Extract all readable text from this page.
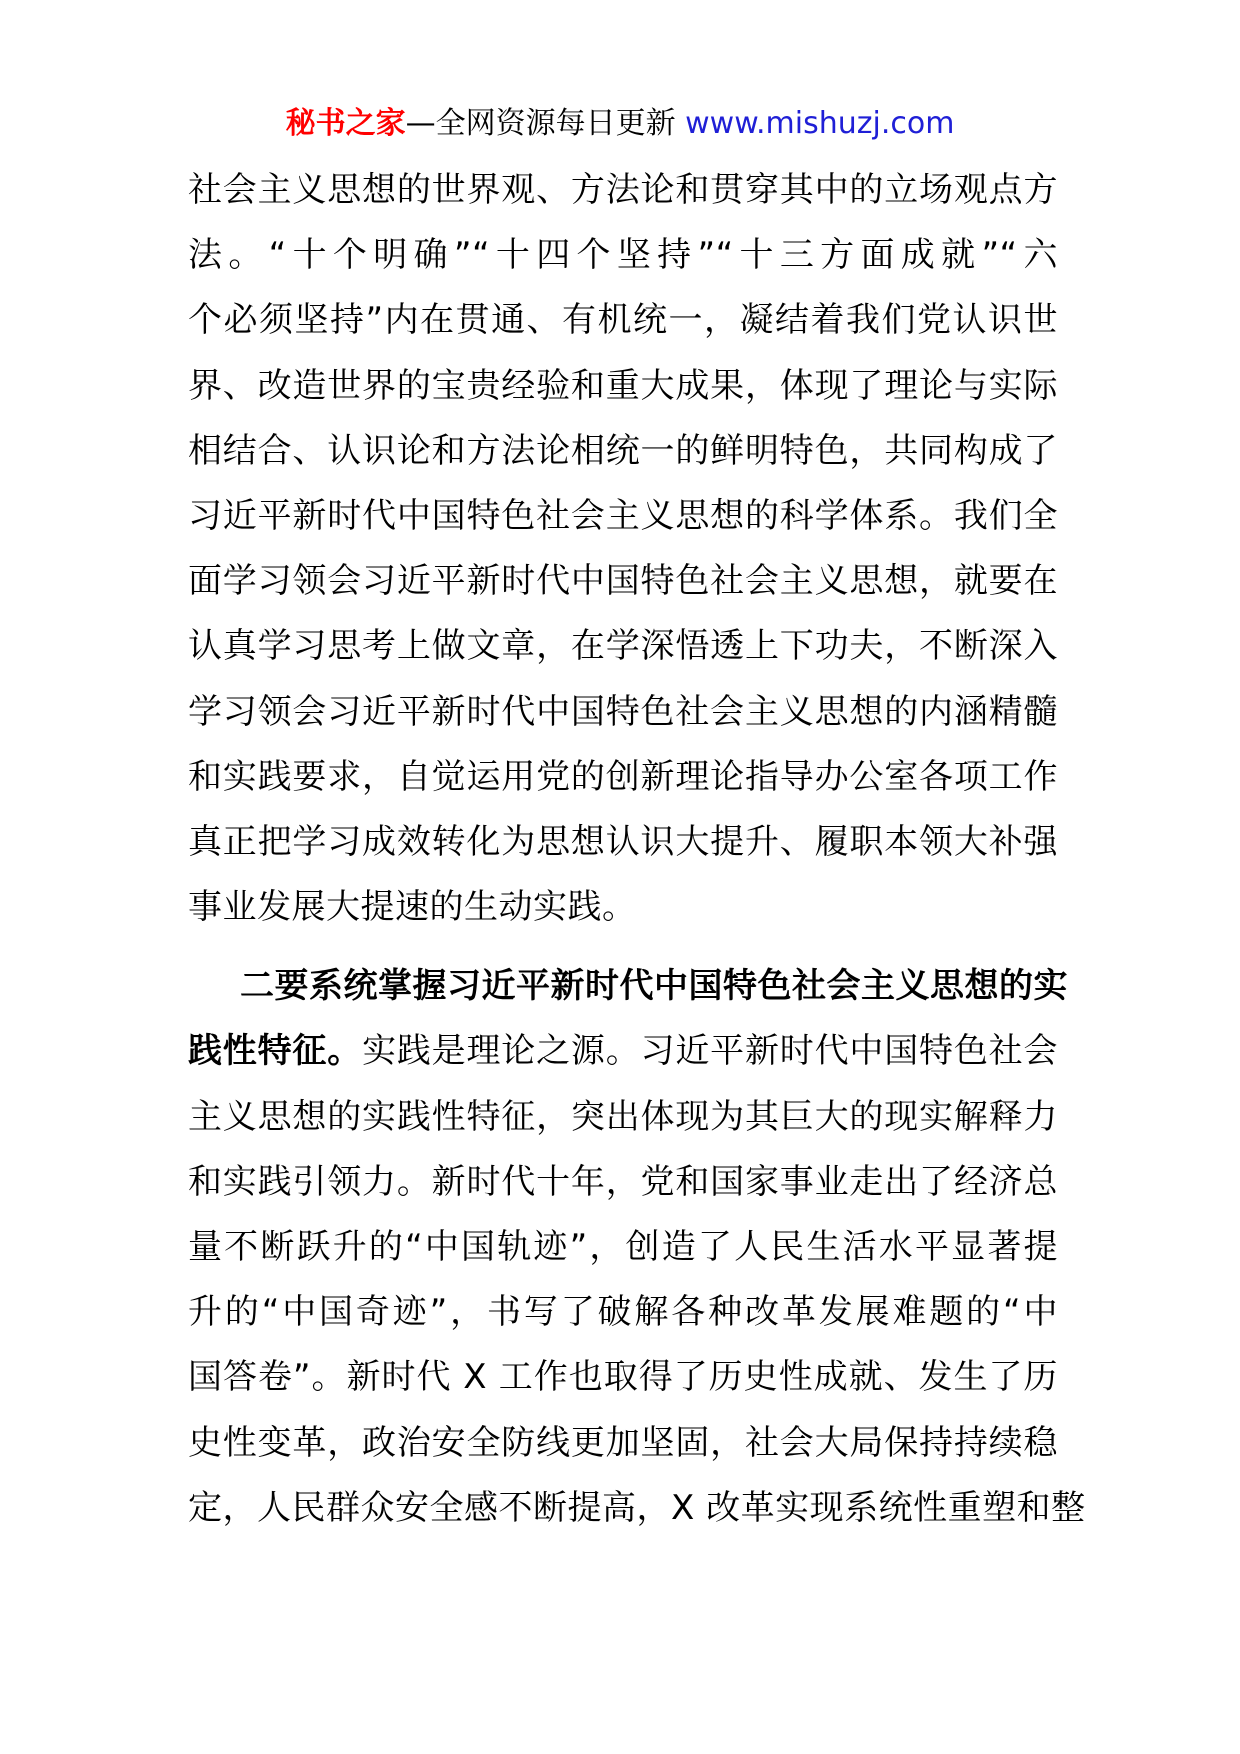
秘书之家—全网资源每日更新 www.mishuzj.com
社会主义思想的世界观、方法论和贯穿其中的立场观点方
法。“十个明确”“十四个坚持”“十三方面成就”“六
个必须坚持”内在贯通、有机统一，凝结着我们党认识世
界、改造世界的宝贵经验和重大成果，体现了理论与实际
相结合、认识论和方法论相统一的鲜明特色，共同构成了
习近平新时代中国特色社会主义思想的科学体系。我们全
面学习领会习近平新时代中国特色社会主义思想，就要在
认真学习思考上做文章，在学深悟透上下功夫，不断深入
学习领会习近平新时代中国特色社会主义思想的内涵精髓
和实践要求，自觉运用党的创新理论指导办公室各项工作
真正把学习成效转化为思想认识大提升、履职本领大补强
事业发展大提速的生动实践。
二要系统掌握习近平新时代中国特色社会主义思想的实
践性特征。实践是理论之源。习近平新时代中国特色社会
主义思想的实践性特征，突出体现为其巨大的现实解释力
和实践引领力。新时代十年，党和国家事业走出了经济总
量不断跃升的“中国轨迹”，创造了人民生活水平显著提
升的“中国奇迹”，书写了破解各种改革发展难题的“中
国答卷”。新时代 X 工作也取得了历史性成就、发生了历
史性变革，政治安全防线更加坚固，社会大局保持持续稳
定，人民群众安全感不断提高，X 改革实现系统性重塑和整
